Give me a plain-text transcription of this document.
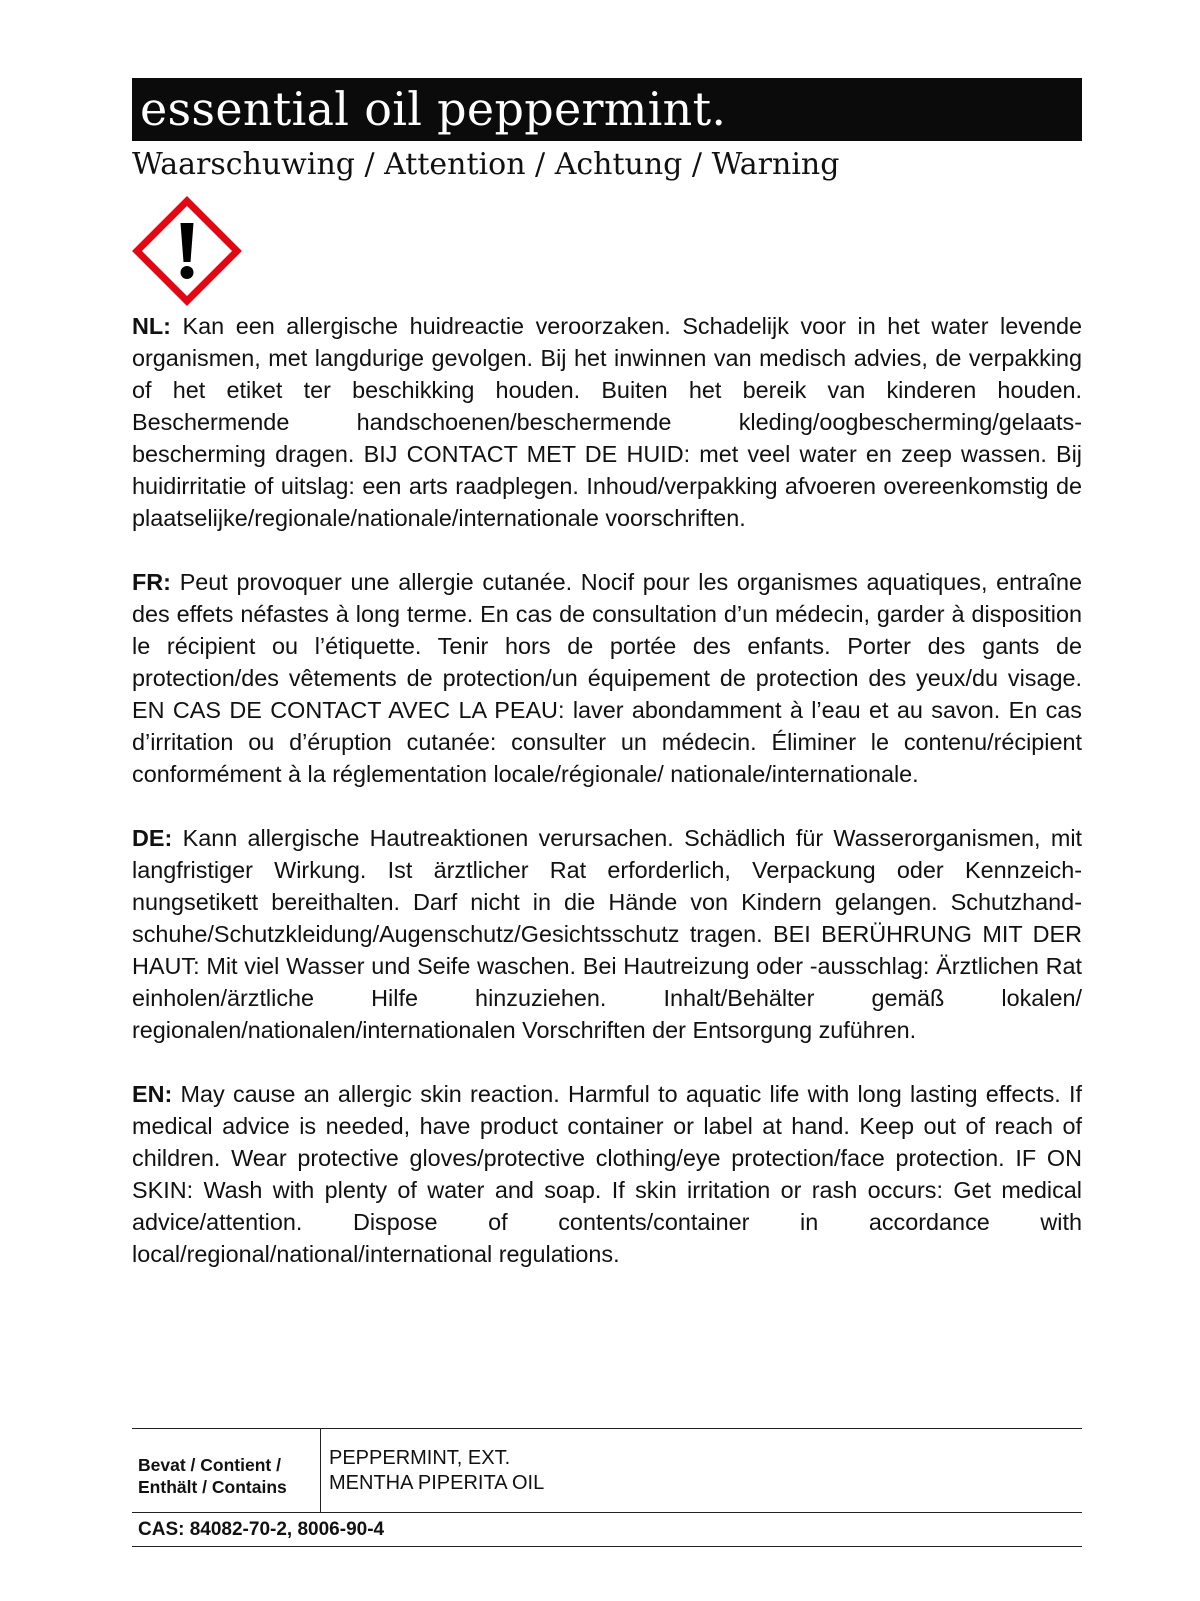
essential oil peppermint.
Waarschuwing / Attention / Achtung / Warning

NL: Kan een allergische huidreactie veroorzaken. Schadelijk voor in het water levende organismen, met langdurige gevolgen. Bij het inwinnen van medisch advies, de verpakking of het etiket ter beschikking houden. Buiten het bereik van kinderen houden. Beschermende handschoenen/beschermende kleding/oogbescherming/gelaatsbescherming dragen. BIJ CONTACT MET DE HUID: met veel water en zeep wassen. Bij huidirritatie of uitslag: een arts raadplegen. Inhoud/verpakking afvoeren overeenkomstig de plaatselijke/regionale/nationale/internationale voorschriften.

FR: Peut provoquer une allergie cutanée. Nocif pour les organismes aquatiques, entraîne des effets néfastes à long terme. En cas de consultation d’un médecin, garder à disposition le récipient ou l’étiquette. Tenir hors de portée des enfants. Porter des gants de protection/des vêtements de protection/un équipement de protection des yeux/du visage. EN CAS DE CONTACT AVEC LA PEAU: laver abondamment à l’eau et au savon. En cas d’irritation ou d’éruption cutanée: consulter un médecin. Éliminer le contenu/récipient conformément à la réglementation locale/régionale/ nationale/internationale.

DE: Kann allergische Hautreaktionen verursachen. Schädlich für Wasserorganismen, mit langfristiger Wirkung. Ist ärztlicher Rat erforderlich, Verpackung oder Kennzeichnungsetikett bereithalten. Darf nicht in die Hände von Kindern gelangen. Schutzhandschuhe/Schutzkleidung/Augenschutz/Gesichtsschutz tragen. BEI BERÜHRUNG MIT DER HAUT: Mit viel Wasser und Seife waschen. Bei Hautreizung oder -ausschlag: Ärztlichen Rat einholen/ärztliche Hilfe hinzuziehen. Inhalt/Behälter gemäß lokalen/ regionalen/nationalen/internationalen Vorschriften der Entsorgung zuführen.

EN: May cause an allergic skin reaction. Harmful to aquatic life with long lasting effects. If medical advice is needed, have product container or label at hand. Keep out of reach of children. Wear protective gloves/protective clothing/eye protection/face protection. IF ON SKIN: Wash with plenty of water and soap. If skin irritation or rash occurs: Get medical advice/attention. Dispose of contents/container in accordance with local/regional/national/international regulations.

Bevat / Contient /
Enthält / Contains

PEPPERMINT, EXT.
MENTHA PIPERITA OIL

CAS: 84082-70-2, 8006-90-4
